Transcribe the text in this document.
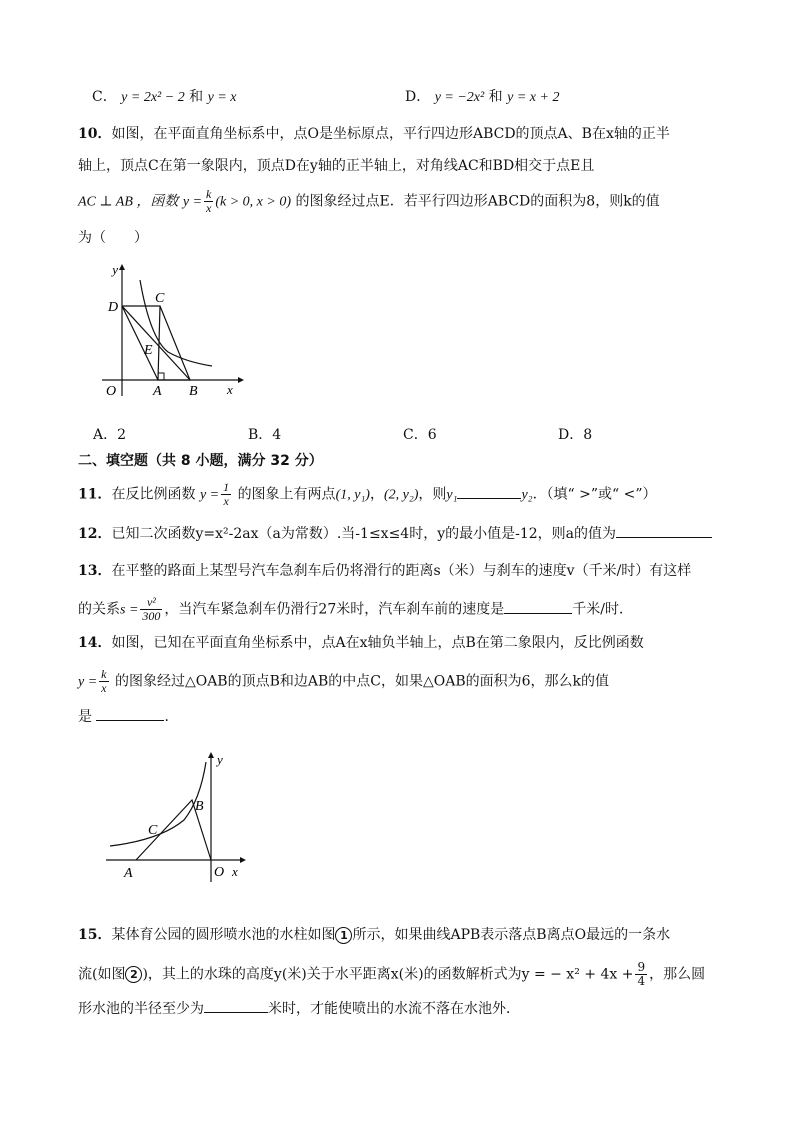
C． y = 2x² − 2 和 y = x	D． y = −2x² 和 y = x + 2
10．如图，在平面直角坐标系中，点O是坐标原点，平行四边形ABCD的顶点A、B在x轴的正半
轴上，顶点C在第一象限内，顶点D在y轴的正半轴上，对角线AC和BD相交于点E且
AC ⊥ AB ，函数 $y = \frac{k}{x} (k > 0$, x > 0) 的图象经过点E．若平行四边形ABCD的面积为8，则k的值
为（　　）
y
D
C
E
O	A B x
A．2	B．4	C．6	D．8
二、填空题（共 8 小题，满分 32 分）
11．在反比例函数 $y = \frac{1}{x}$ 的图象上有两点(1, y₁)，(2, y₂)，则y₁	y₂．（填“ >”或“ <”）
12．已知二次函数y=x²-2ax（a为常数）.当-1≤x≤4时，y的最小值是-12，则a的值为
13．在平整的路面上某型号汽车急刹车后仍将滑行的距离s（米）与刹车的速度v（千米/时）有这样
的关系$s = \frac{\text{v²}}{300}$ ，当汽车紧急刹车仍滑行27米时，汽车刹车前的速度是	千米/时．
14．如图，已知在平面直角坐标系中，点A在x轴负半轴上，点B在第二象限内，反比例函数
$y = \frac{k}{x}$ 的图象经过△OAB的顶点B和边AB的中点C，如果△OAB的面积为6，那么k的值
是	．
y
B
C
A	O x
15．某体育公园的圆形喷水池的水柱如图 1 所示，如果曲线APB表示落点B离点O最远的一条水
流(如图 2 )，其上的水珠的高度y(米)关于水平距离x(米)的函数解析式为y = − $x^2 + 4x + \frac{9}{4}$ ，那么圆
形水池的半径至少为	米时，才能使喷出的水流不落在水池外．
